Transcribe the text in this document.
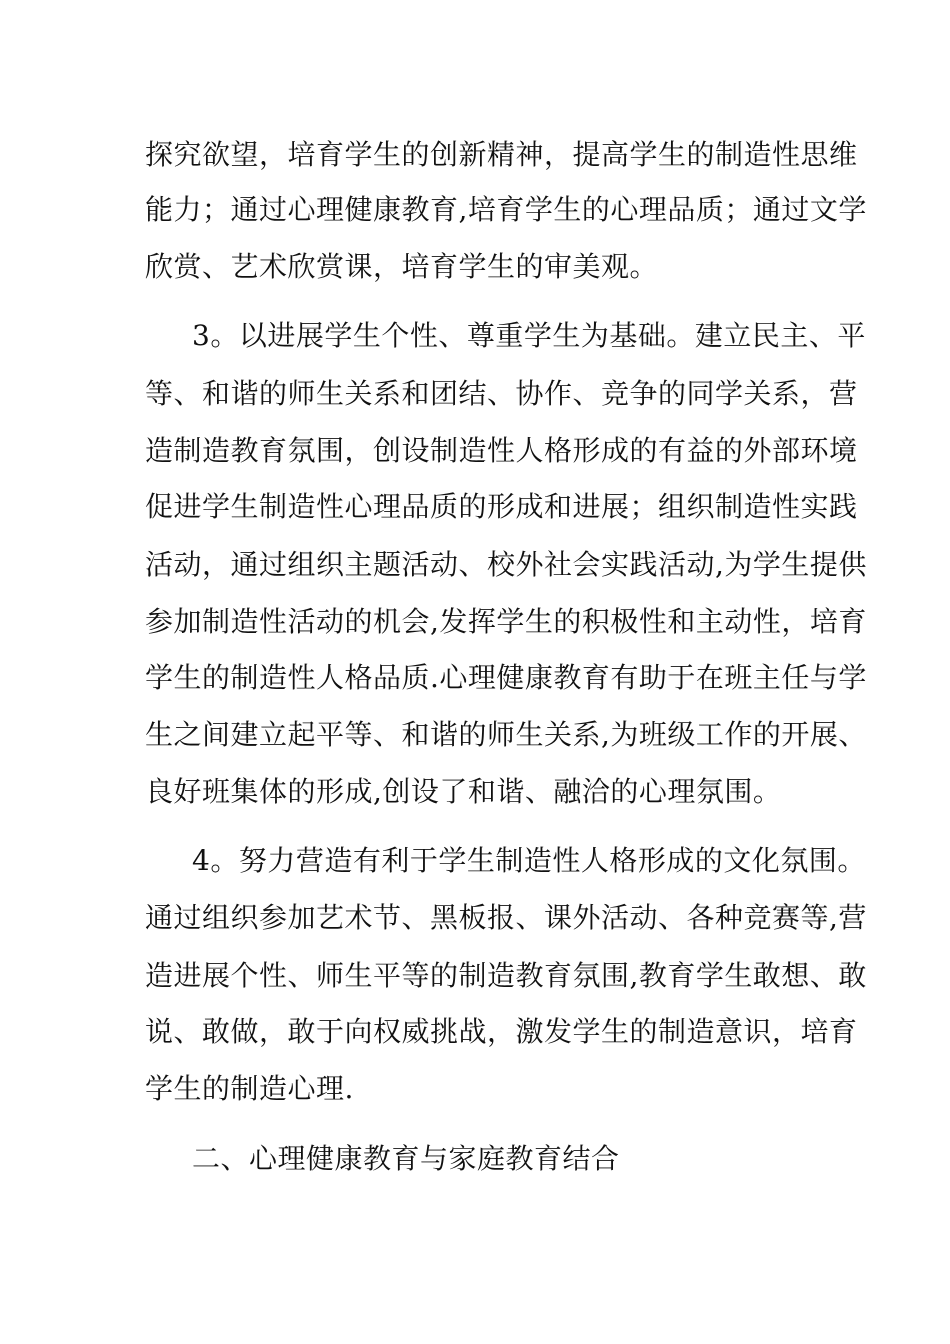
探究欲望，培育学生的创新精神，提高学生的制造性思维
能力；通过心理健康教育,培育学生的心理品质；通过文学
欣赏、艺术欣赏课，培育学生的审美观。
3。以进展学生个性、尊重学生为基础。建立民主、平
等、和谐的师生关系和团结、协作、竞争的同学关系，营
造制造教育氛围，创设制造性人格形成的有益的外部环境
促进学生制造性心理品质的形成和进展；组织制造性实践
活动，通过组织主题活动、校外社会实践活动,为学生提供
参加制造性活动的机会,发挥学生的积极性和主动性，培育
学生的制造性人格品质.心理健康教育有助于在班主任与学
生之间建立起平等、和谐的师生关系,为班级工作的开展、
良好班集体的形成,创设了和谐、融洽的心理氛围。
4。努力营造有利于学生制造性人格形成的文化氛围。
通过组织参加艺术节、黑板报、课外活动、各种竞赛等,营
造进展个性、师生平等的制造教育氛围,教育学生敢想、敢
说、敢做，敢于向权威挑战，激发学生的制造意识，培育
学生的制造心理.
二、心理健康教育与家庭教育结合
